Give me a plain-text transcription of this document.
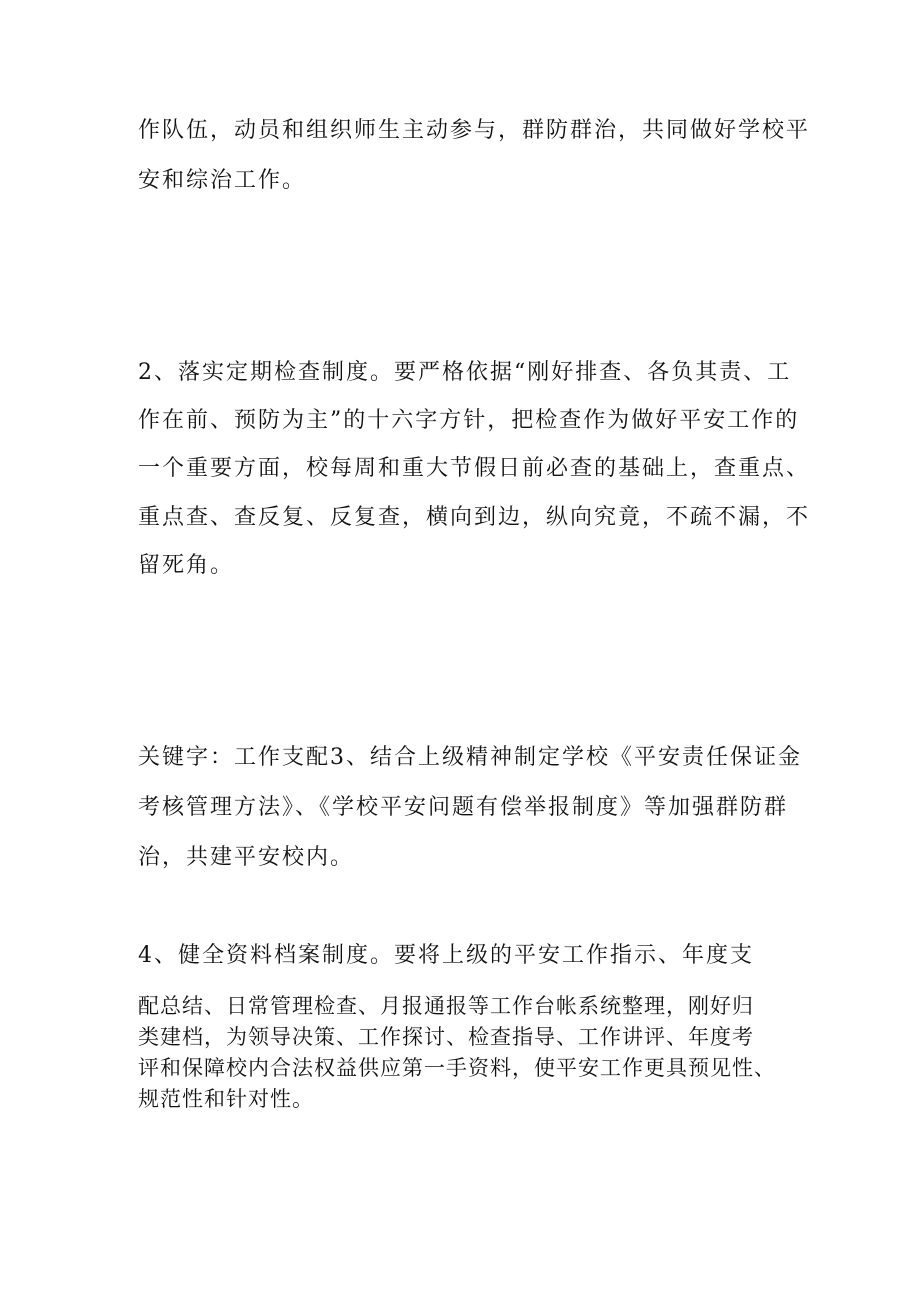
作队伍，动员和组织师生主动参与，群防群治，共同做好学校平
安和综治工作。
2、落实定期检查制度。要严格依据“刚好排查、各负其责、工
作在前、预防为主”的十六字方针，把检查作为做好平安工作的
一个重要方面，校每周和重大节假日前必查的基础上，查重点、
重点查、查反复、反复查，横向到边，纵向究竟，不疏不漏，不
留死角。
关键字：工作支配3、结合上级精神制定学校《平安责任保证金
考核管理方法》、《学校平安问题有偿举报制度》等加强群防群
治，共建平安校内。
4、健全资料档案制度。要将上级的平安工作指示、年度支
配总结、日常管理检查、月报通报等工作台帐系统整理，刚好归
类建档，为领导决策、工作探讨、检查指导、工作讲评、年度考
评和保障校内合法权益供应第一手资料，使平安工作更具预见性、
规范性和针对性。
